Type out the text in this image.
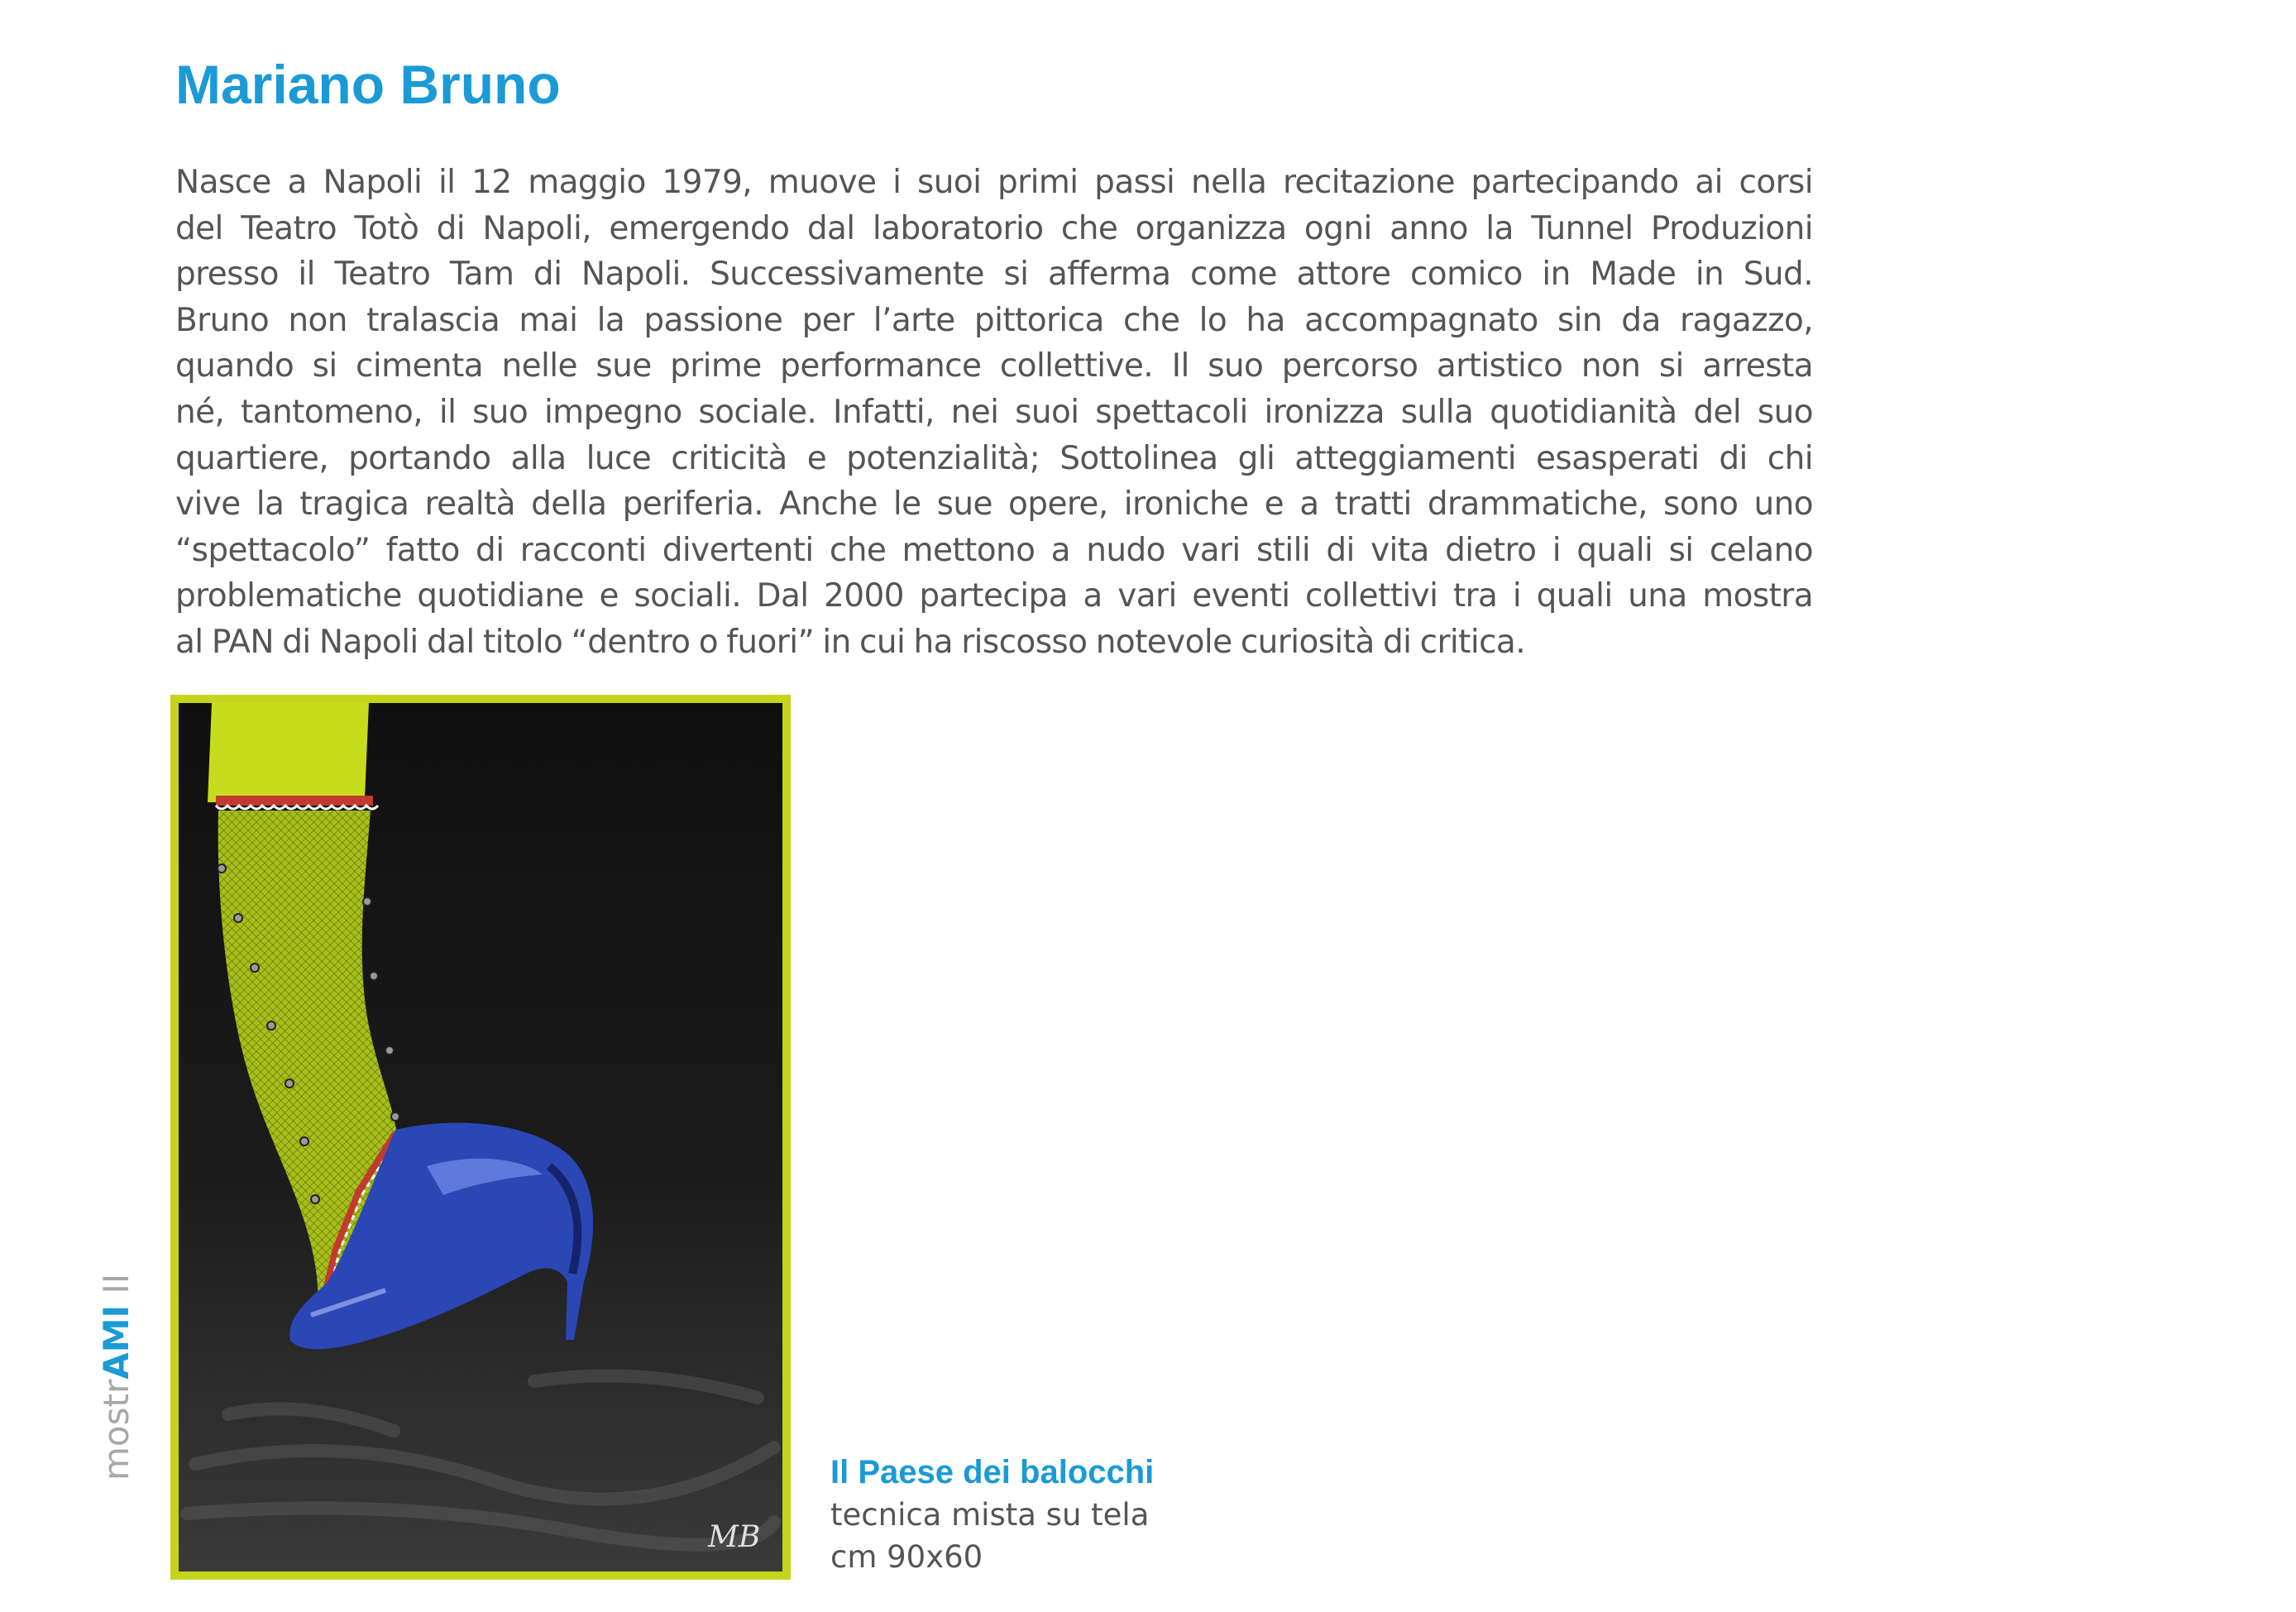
Mariano Bruno
Nasce a Napoli il 12 maggio 1979, muove i suoi primi passi nella recitazione partecipando ai corsi
del Teatro Totò di Napoli, emergendo dal laboratorio che organizza ogni anno la Tunnel Produzioni
presso il Teatro Tam di Napoli. Successivamente si afferma come attore comico in Made in Sud.
Bruno non tralascia mai la passione per l’arte pittorica che lo ha accompagnato sin da ragazzo,
quando si cimenta nelle sue prime performance collettive. Il suo percorso artistico non si arresta
né, tantomeno, il suo impegno sociale. Infatti, nei suoi spettacoli ironizza sulla quotidianità del suo
quartiere, portando alla luce criticità e potenzialità; Sottolinea gli atteggiamenti esasperati di chi
vive la tragica realtà della periferia. Anche le sue opere, ironiche e a tratti drammatiche, sono uno
“spettacolo” fatto di racconti divertenti che mettono a nudo vari stili di vita dietro i quali si celano
problematiche quotidiane e sociali. Dal 2000 partecipa a vari eventi collettivi tra i quali una mostra
al PAN di Napoli dal titolo “dentro o fuori” in cui ha riscosso notevole curiosità di critica.
MB
Il Paese dei balocchi
tecnica mista su tela
cm 90x60
mostrAMI II
